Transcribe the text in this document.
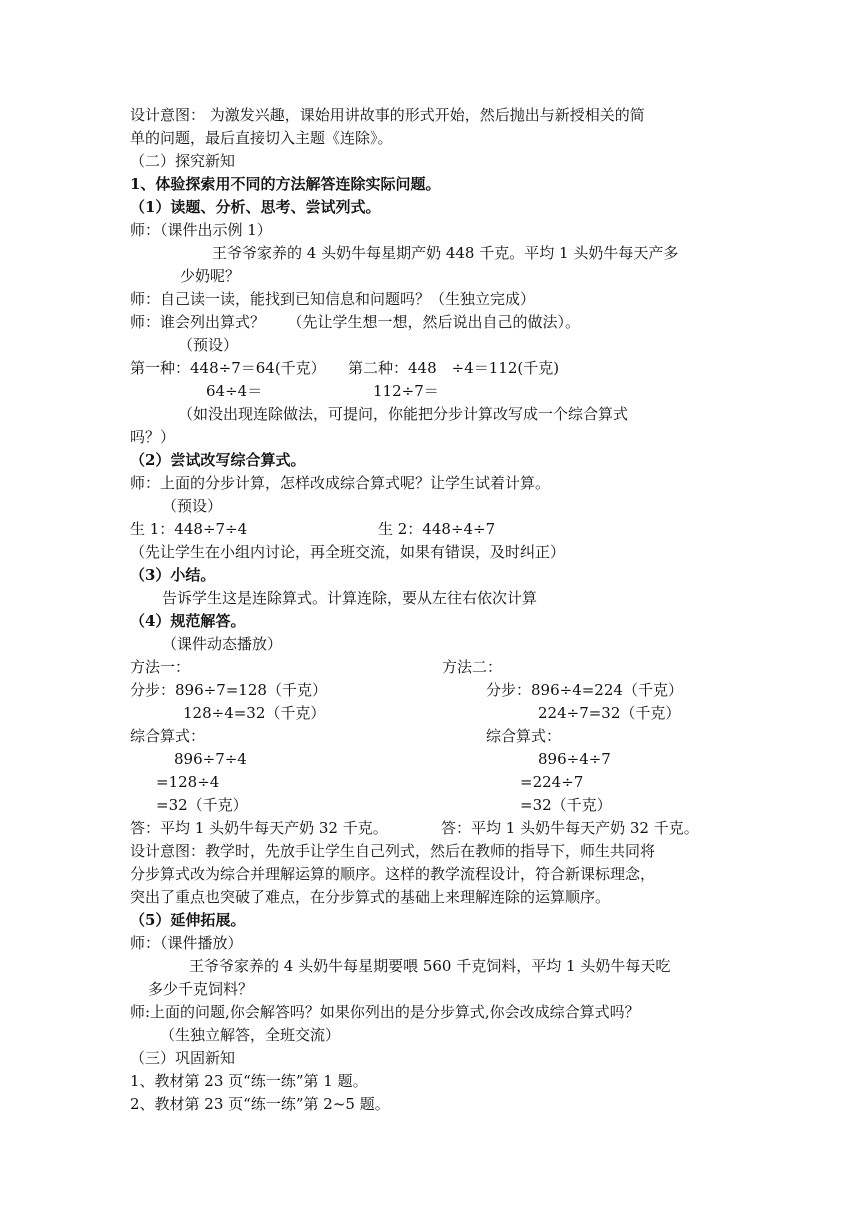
设计意图： 为激发兴趣，课始用讲故事的形式开始，然后抛出与新授相关的简
单的问题，最后直接切入主题《连除》。
（二）探究新知
1、体验探索用不同的方法解答连除实际问题。
（1）读题、分析、思考、尝试列式。
师：（课件出示例 1）
王爷爷家养的 4 头奶牛每星期产奶 448 千克。平均 1 头奶牛每天产多
少奶呢？
师：自己读一读，能找到已知信息和问题吗？（生独立完成）
师：谁会列出算式？　　（先让学生想一想，然后说出自己的做法）。
（预设）
第一种：448÷7＝64(千克） 第二种：448　÷4＝112(千克)
64÷4＝	112÷7＝
（如没出现连除做法，可提问，你能把分步计算改写成一个综合算式
吗？）
（2）尝试改写综合算式。
师：上面的分步计算，怎样改成综合算式呢？让学生试着计算。
（预设）
生 1：448÷7÷4	生 2：448÷4÷7
（先让学生在小组内讨论，再全班交流，如果有错误，及时纠正）
（3）小结。
告诉学生这是连除算式。计算连除，要从左往右依次计算
（4）规范解答。
（课件动态播放）
方法一：	方法二：
分步：896÷7=128（千克）	分步：896÷4=224（千克）
128÷4=32（千克）	224÷7=32（千克）
综合算式：	综合算式：
896÷7÷4	896÷4÷7
=128÷4	=224÷7
=32（千克）	=32（千克）
答：平均 1 头奶牛每天产奶 32 千克。	答：平均 1 头奶牛每天产奶 32 千克。
设计意图：教学时，先放手让学生自己列式，然后在教师的指导下，师生共同将
分步算式改为综合并理解运算的顺序。这样的教学流程设计，符合新课标理念，
突出了重点也突破了难点，在分步算式的基础上来理解连除的运算顺序。
（5）延伸拓展。
师：（课件播放）
王爷爷家养的 4 头奶牛每星期要喂 560 千克饲料，平均 1 头奶牛每天吃
多少千克饲料？
师:上面的问题,你会解答吗？如果你列出的是分步算式,你会改成综合算式吗？
（生独立解答，全班交流）
（三）巩固新知
1、教材第 23 页“练一练”第 1 题。
2、教材第 23 页“练一练”第 2~5 题。
